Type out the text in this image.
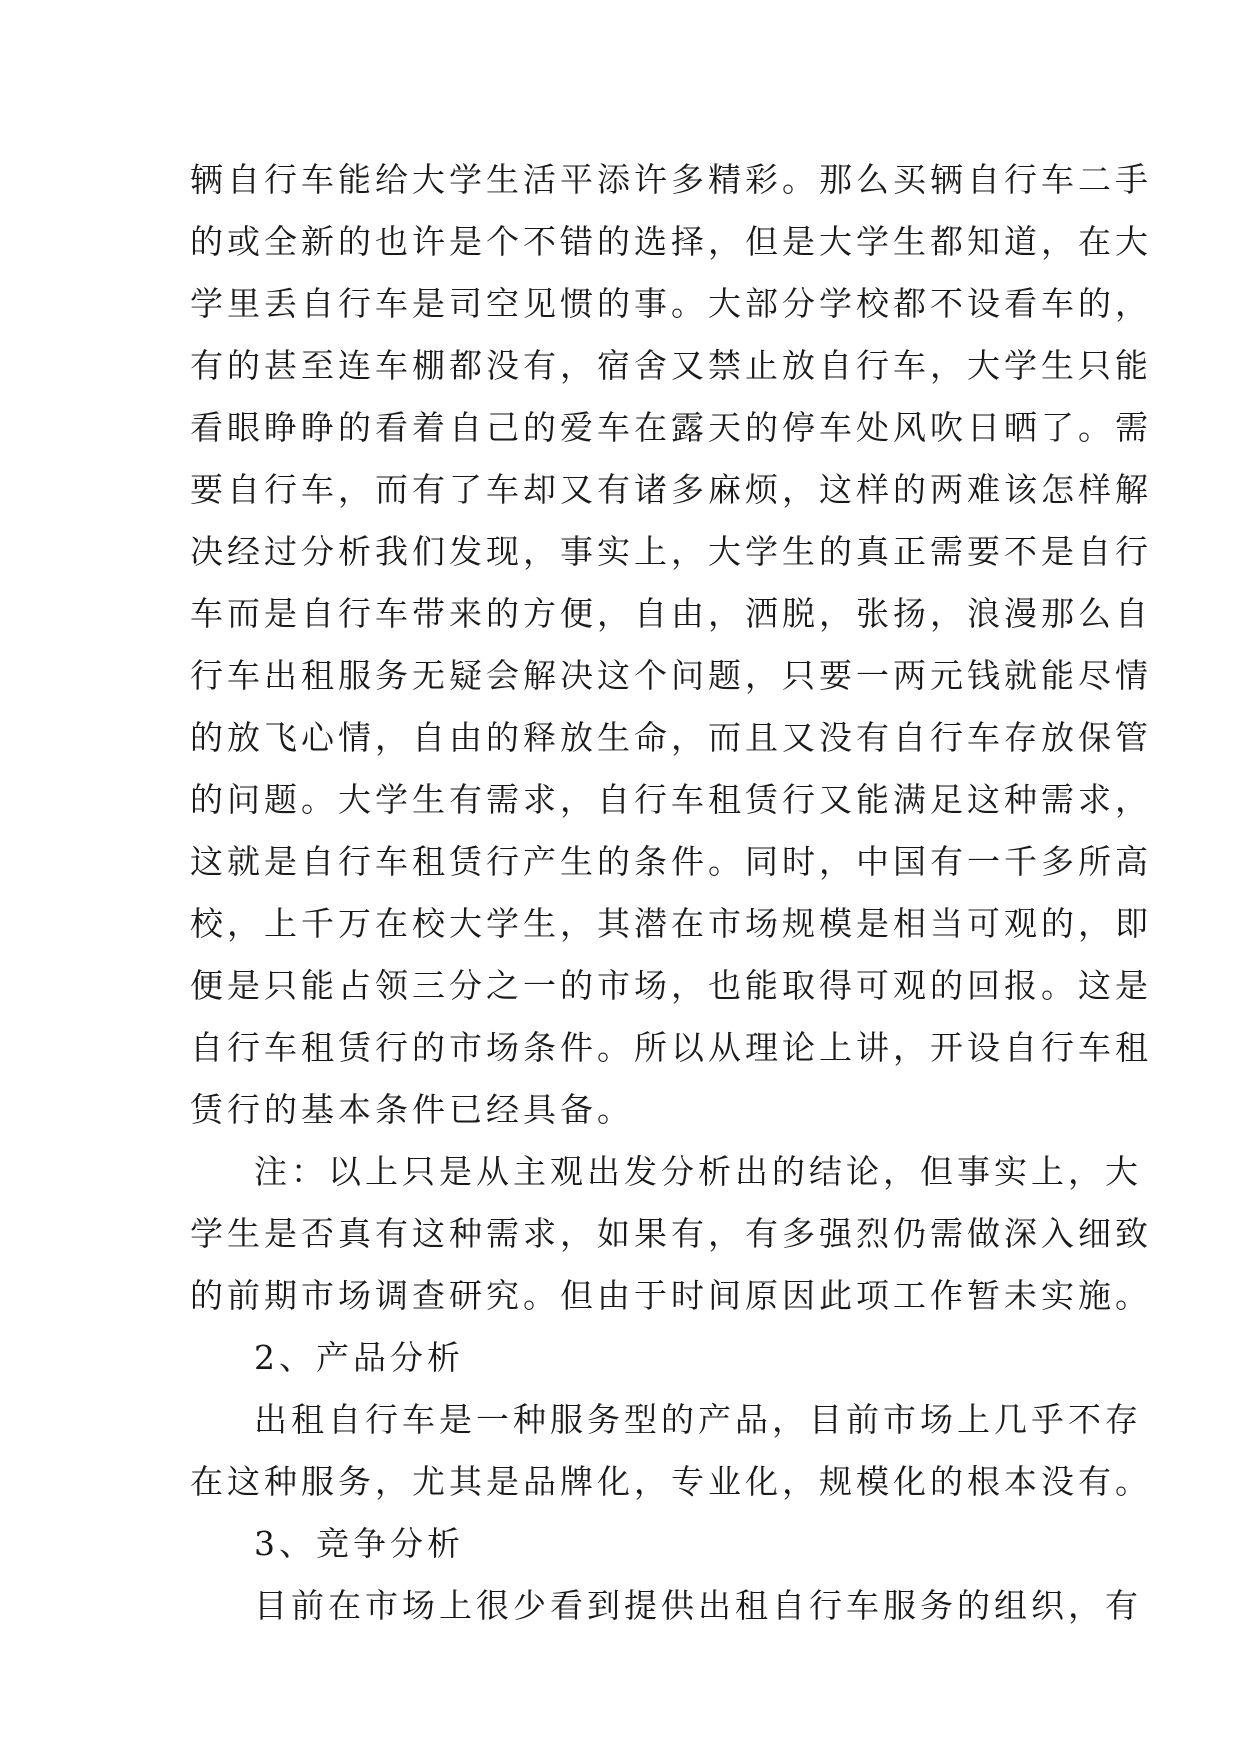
辆自行车能给大学生活平添许多精彩。那么买辆自行车二手
的或全新的也许是个不错的选择，但是大学生都知道，在大
学里丢自行车是司空见惯的事。大部分学校都不设看车的，
有的甚至连车棚都没有，宿舍又禁止放自行车，大学生只能
看眼睁睁的看着自己的爱车在露天的停车处风吹日晒了。需
要自行车，而有了车却又有诸多麻烦，这样的两难该怎样解
决经过分析我们发现，事实上，大学生的真正需要不是自行
车而是自行车带来的方便，自由，洒脱，张扬，浪漫那么自
行车出租服务无疑会解决这个问题，只要一两元钱就能尽情
的放飞心情，自由的释放生命，而且又没有自行车存放保管
的问题。大学生有需求，自行车租赁行又能满足这种需求，
这就是自行车租赁行产生的条件。同时，中国有一千多所高
校，上千万在校大学生，其潜在市场规模是相当可观的，即
便是只能占领三分之一的市场，也能取得可观的回报。这是
自行车租赁行的市场条件。所以从理论上讲，开设自行车租
赁行的基本条件已经具备。
注：以上只是从主观出发分析出的结论，但事实上，大
学生是否真有这种需求，如果有，有多强烈仍需做深入细致
的前期市场调查研究。但由于时间原因此项工作暂未实施。
2、产品分析
出租自行车是一种服务型的产品，目前市场上几乎不存
在这种服务，尤其是品牌化，专业化，规模化的根本没有。
3、竞争分析
目前在市场上很少看到提供出租自行车服务的组织，有
